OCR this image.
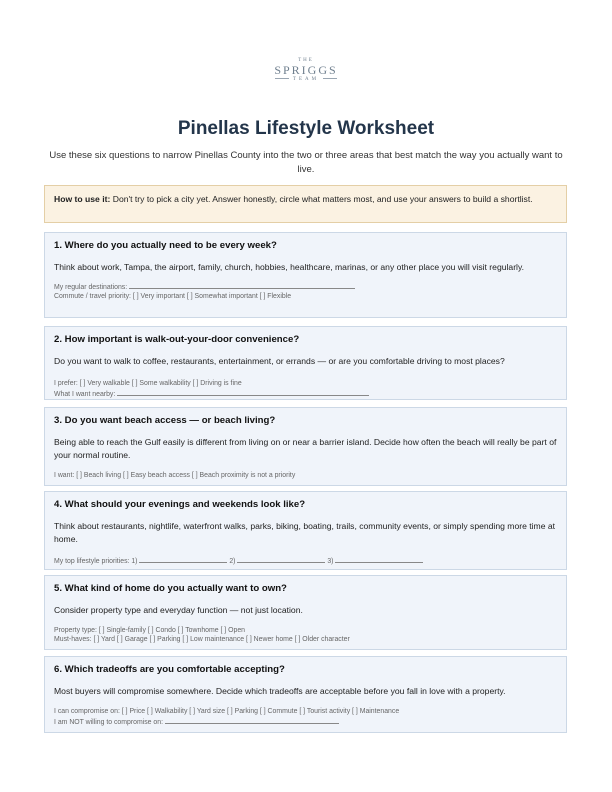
THE
SPRIGGS
TEAM
Pinellas Lifestyle Worksheet
Use these six questions to narrow Pinellas County into the two or three areas that best match the way you actually want to live.
How to use it: Don't try to pick a city yet. Answer honestly, circle what matters most, and use your answers to build a shortlist.
1. Where do you actually need to be every week?

Think about work, Tampa, the airport, family, church, hobbies, healthcare, marinas, or any other place you will visit regularly.

My regular destinations:
Commute / travel priority: [ ] Very important [ ] Somewhat important [ ] Flexible
2. How important is walk-out-your-door convenience?

Do you want to walk to coffee, restaurants, entertainment, or errands — or are you comfortable driving to most places?

I prefer: [ ] Very walkable [ ] Some walkability [ ] Driving is fine
What I want nearby:
3. Do you want beach access — or beach living?

Being able to reach the Gulf easily is different from living on or near a barrier island. Decide how often the beach will really be part of your normal routine.

I want: [ ] Beach living [ ] Easy beach access [ ] Beach proximity is not a priority
4. What should your evenings and weekends look like?

Think about restaurants, nightlife, waterfront walks, parks, biking, boating, trails, community events, or simply spending more time at home.

My top lifestyle priorities: 1)	2)	3)
5. What kind of home do you actually want to own?

Consider property type and everyday function — not just location.

Property type: [ ] Single-family [ ] Condo [ ] Townhome [ ] Open
Must-haves: [ ] Yard [ ] Garage [ ] Parking [ ] Low maintenance [ ] Newer home [ ] Older character
6. Which tradeoffs are you comfortable accepting?

Most buyers will compromise somewhere. Decide which tradeoffs are acceptable before you fall in love with a property.

I can compromise on: [ ] Price [ ] Walkability [ ] Yard size [ ] Parking [ ] Commute [ ] Tourist activity [ ] Maintenance
I am NOT willing to compromise on:
